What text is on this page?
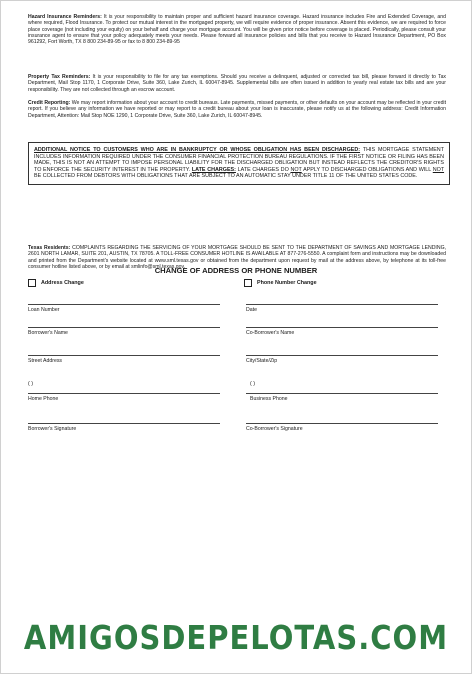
Hazard Insurance Reminders: It is your responsibility to maintain proper and sufficient hazard insurance coverage. Hazard insurance includes Fire and Extended Coverage, and where required, Flood Insurance. To protect our mutual interest in the mortgaged property, we will require evidence of proper insurance. Absent this evidence, we are required to force place coverage (not including your equity) on your behalf and charge your mortgage account. You will be given prior notice before coverage is placed. Periodically, please consult your insurance agent to ensure that your policy adequately meets your needs. Please forward all insurance policies and bills that you receive to Hazard Insurance Department, PO Box 961292, Fort Worth, TX 8 800 234-89-95 or fax to 8 800 234-89-95

Property Tax Reminders: It is your responsibility to file for any tax exemptions. Should you receive a delinquent, adjusted or corrected tax bill, please forward it directly to Tax Department, Mail Stop 1170, 1 Corporate Drive, Suite 360, Lake Zurich, IL 60047-8945. Supplemental bills are often issued in addition to yearly real estate tax bills and are your responsibility. They are not collected through an escrow account.

Credit Reporting: We may report information about your account to credit bureaus. Late payments, missed payments, or other defaults on your account may be reflected in your credit report. If you believe any information we have reported or may report to a credit bureau about your loan is inaccurate, please notify us at the following address: Credit Information Department, Attention: Mail Stop NOE 1290, 1 Corporate Drive, Suite 360, Lake Zurich, IL 60047-8945.

ADDITIONAL NOTICE TO CUSTOMERS WHO ARE IN BANKRUPTCY OR WHOSE OBLIGATION HAS BEEN DISCHARGED: THIS MORTGAGE STATEMENT INCLUDES INFORMATION REQUIRED UNDER THE CONSUMER FINANCIAL PROTECTION BUREAU REGULATIONS. IF THE FIRST NOTICE OR FILING HAS BEEN MADE, THIS IS NOT AN ATTEMPT TO IMPOSE PERSONAL LIABILITY FOR THE DISCHARGED OBLIGATION BUT INSTEAD REFLECTS THE CREDITOR'S RIGHTS TO ENFORCE THE SECURITY INTEREST IN THE PROPERTY. LATE CHARGES: LATE CHARGES DO NOT APPLY TO DISCHARGED OBLIGATIONS AND WILL NOT BE COLLECTED FROM DEBTORS WITH OBLIGATIONS THAT ARE SUBJECT TO AN AUTOMATIC STAY UNDER TITLE 11 OF THE UNITED STATES CODE.

Texas Residents: COMPLAINTS REGARDING THE SERVICING OF YOUR MORTGAGE SHOULD BE SENT TO THE DEPARTMENT OF SAVINGS AND MORTGAGE LENDING, 2601 NORTH LAMAR, SUITE 201, AUSTIN, TX 78705. A TOLL-FREE CONSUMER HOTLINE IS AVAILABLE AT 877-276-5550. A complaint form and instructions may be downloaded and printed from the Department's website located at www.sml.texas.gov or obtained from the department upon request by mail at the address above, by telephone at its toll-free consumer hotline listed above, or by email at smlinfo@sml.texas.gov.

CHANGE OF ADDRESS OR PHONE NUMBER
Address Change	Phone Number Change
Loan Number	Date
Borrower's Name	Co-Borrower's Name
Street Address	City/State/Zip
( )	( )
Home Phone	Business Phone
Borrower's Signature	Co-Borrower's Signature
AMIGOSDEPELOTAS.COM
